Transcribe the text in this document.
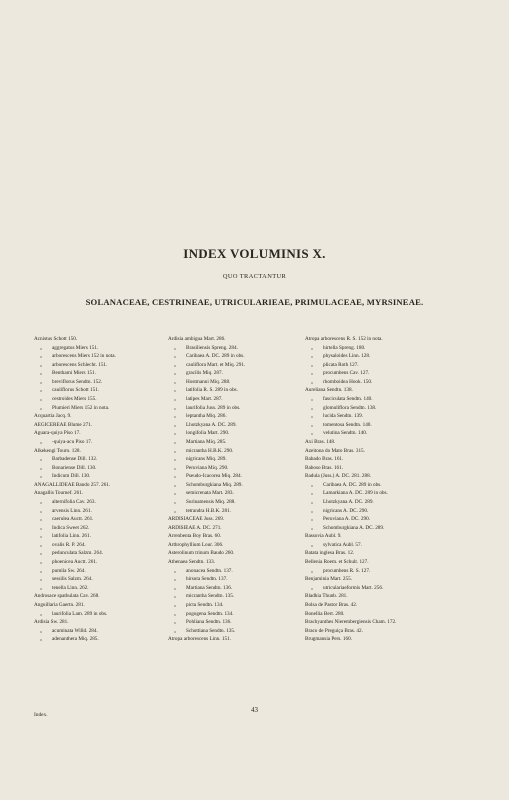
INDEX VOLUMINIS X.
QUO TRACTANTUR
SOLANACEAE, CESTRINEAE, UTRICULARIEAE, PRIMULACEAE, MYRSINEAE.
Acnistus Schott 150.
„ aggregatus Miers 151.
„ arborescens Miers 152 in nota.
„ arborescens Schlecht. 151.
„ Benthami Miers 151.
„ breviflorus Sendtn. 152.
„ cauliflorus Schott 151.
„ cestroides Miers 155.
„ Plumieri Miers 152 in nota.
Acquartia Jacq. 9.
AEGICEREAE Blume 271.
Aguara-quiya Piso 17.
„ -quiya-acu Piso 17.
Alkekengi Tourn. 128.
„ Barbadense Dill. 132.
„ Bonariense Dill. 130.
„ Indicum Dill. 130.
ANAGALLIDEAE Bando 257. 261.
Anagallis Tournef. 261.
„ alternifolia Cav. 263.
„ arvensis Linn. 261.
„ caerulea Auctt. 261.
„ Indica Sweet 262.
„ latifolia Linn. 261.
„ ovalis R. P. 264.
„ pedunculata Salzm. 264.
„ phoenicea Auctt. 261.
„ pumila Sw. 264.
„ sessilis Salzm. 264.
„ tenella Linn. 262.
Androsace spathulata Cav. 268.
Anguillaria Gaertn. 281.
„ laurifolia Lam. 289 in obs.
Ardisia Sw. 281.
„ acuminata Willd. 284.
„ adenanthera Miq. 285.
Ardisia ambigua Mart. 286.
„ Brasiliensis Spreng. 284.
„ Caribaea A. DC. 289 in obs.
„ cauliflora Mart. et Miq. 291.
„ gracilis Miq. 287.
„ Hostmanni Miq. 288.
„ latifolia R. S. 289 in obs.
„ latipes Mart. 287.
„ laurifolia Juss. 289 in obs.
„ leptantha Miq. 286.
„ Lhotzkyana A. DC. 289.
„ longifolia Mart. 290.
„ Martiana Miq. 285.
„ micrantha H.B.K. 290.
„ nigricans Miq. 289.
„ Peruviana Miq. 290.
„ Pseudo-Icacorea Miq. 284.
„ Schomburgkiana Miq. 289.
„ semicrenata Mart. 283.
„ Surinamensis Miq. 288.
„ tetrandra H.B.K. 281.
ARDISIACEAE Juss. 269.
ARDISIEAE A. DC. 271.
Arrenbenta Boy Bras. 60.
Arthrophyllium Lour. 306.
Asterolinum trinum Baudo 260.
Athenaea Sendtn. 133.
„ anonacea Sendtn. 137.
„ hirsuta Sendtn. 137.
„ Martiana Sendtn. 136.
„ micrantha Sendtn. 135.
„ picta Sendtn. 134.
„ pogogena Sendtn. 134.
„ Pohliana Sendtn. 136.
„ Schottiana Sendtn. 135.
Atropa arborescens Linn. 151.
Atropa arborescens R. S. 152 in nota.
„ hirtella Spreng. 180.
„ physaloides Linn. 128.
„ plicata Roth 127.
„ procumbens Cav. 127.
„ rhomboidea Hook. 150.
Aureliana Sendtn. 138.
„ fasciculata Sendtn. 140.
„ glomuliflora Sendtn. 138.
„ lucida Sendtn. 139.
„ tomentosa Sendtn. 140.
„ velutina Sendtn. 140.
Axi Bras. 148.
Azeitona do Mato Bras. 315.
Babado Bras. 161.
Baboso Bras. 161.
Badula (Juss.) A. DC. 281. 288.
„ Caribaea A. DC. 289 in obs.
„ Lamarkiana A. DC. 289 in obs.
„ Lhotzkyana A. DC. 289.
„ nigricans A. DC. 290.
„ Peruviana A. DC. 290.
„ Schomburgkiana A. DC. 289.
Bassovia Aubl. 9.
„ sylvatica Aubl. 57.
Batata inglesa Bras. 12.
Bellenia Roem. et Schult. 127.
„ procumbens R. S. 127.
Benjaminia Mart. 255.
„ utriculariaeformis Mart. 256.
Bladhia Thunb. 281.
Bolsa de Pastor Bras. 42.
Bonellia Bert. 280.
Brachyanthes Nierembergiensis Cham. 172.
Braco de Preguiça Bras. 42.
Brugmansia Pers. 160.
Index.
43
